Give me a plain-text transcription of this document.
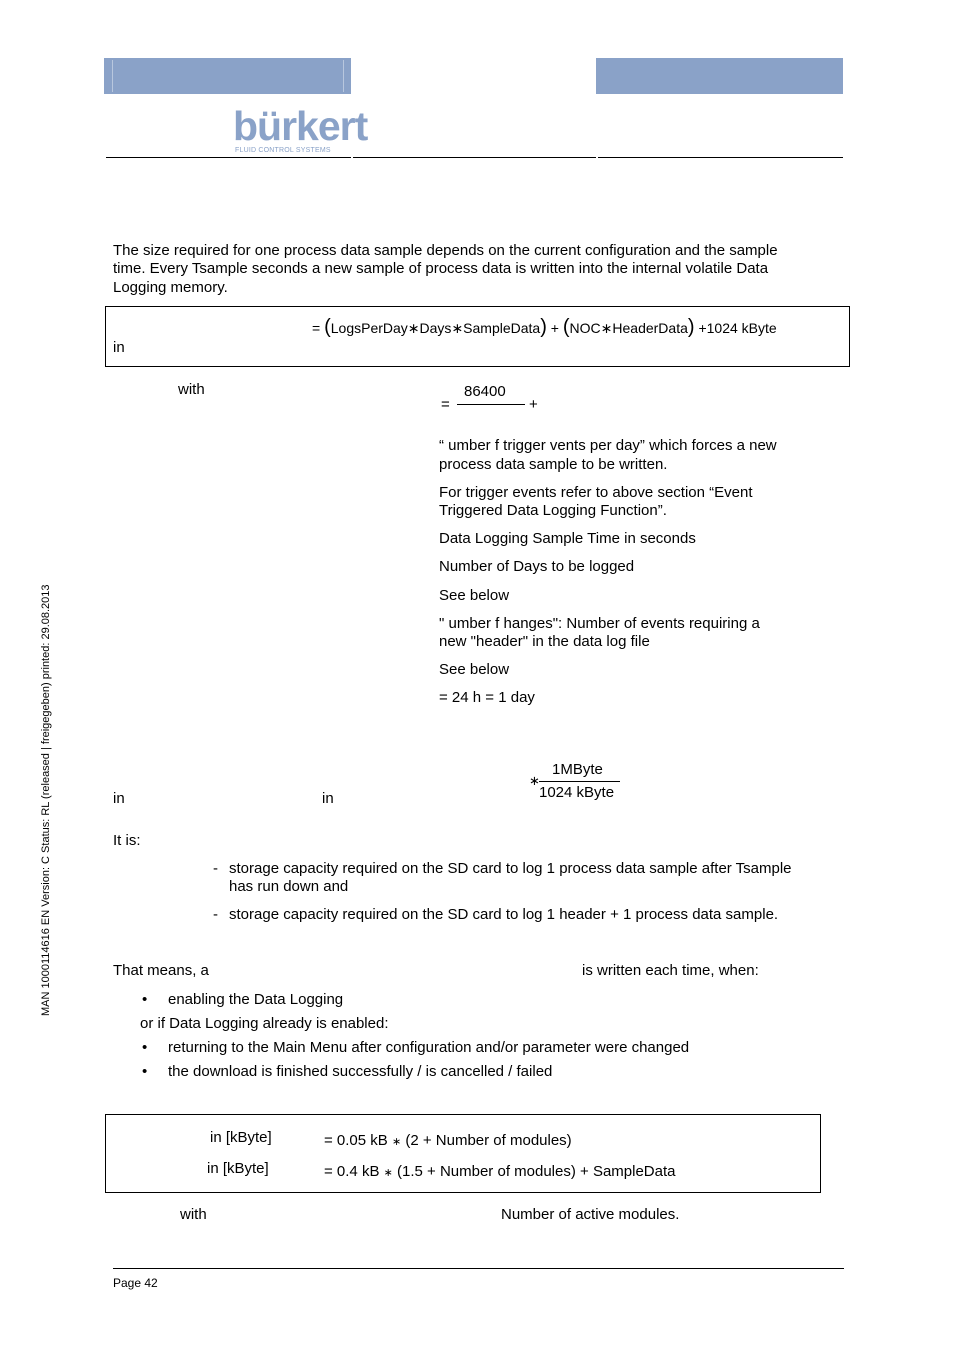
bürkert
FLUID CONTROL SYSTEMS
MAN 1000114616 EN Version: C Status: RL (released | freigegeben) printed: 29.08.2013
The size required for one process data sample depends on the current configuration and the sample
time. Every Tsample seconds a new sample of process data is written into the internal volatile Data
Logging memory.
= (LogsPerDay∗Days∗SampleData) + (NOC∗HeaderData) +1024 kByte
in
with	86400
=	+
“ umber f trigger vents per day” which forces a new
process data sample to be written.
For trigger events refer to above section “Event
Triggered Data Logging Function”.
Data Logging Sample Time in seconds
Number of Days to be logged
See below
" umber f hanges": Number of events requiring a
new "header" in the data log file
See below
= 24 h = 1 day
in	in
∗
1MByte
1024 kByte
It is:
- storage capacity required on the SD card to log 1 process data sample after Tsample
has run down and
- storage capacity required on the SD card to log 1 header + 1 process data sample.
That means, a	is written each time, when:
• enabling the Data Logging
or if Data Logging already is enabled:
• returning to the Main Menu after configuration and/or parameter were changed
• the download is finished successfully / is cancelled / failed
in [kByte]	= 0.05 kB ∗ (2 + Number of modules)
in [kByte]	= 0.4 kB ∗ (1.5 + Number of modules) + SampleData
with	Number of active modules.
Page 42
